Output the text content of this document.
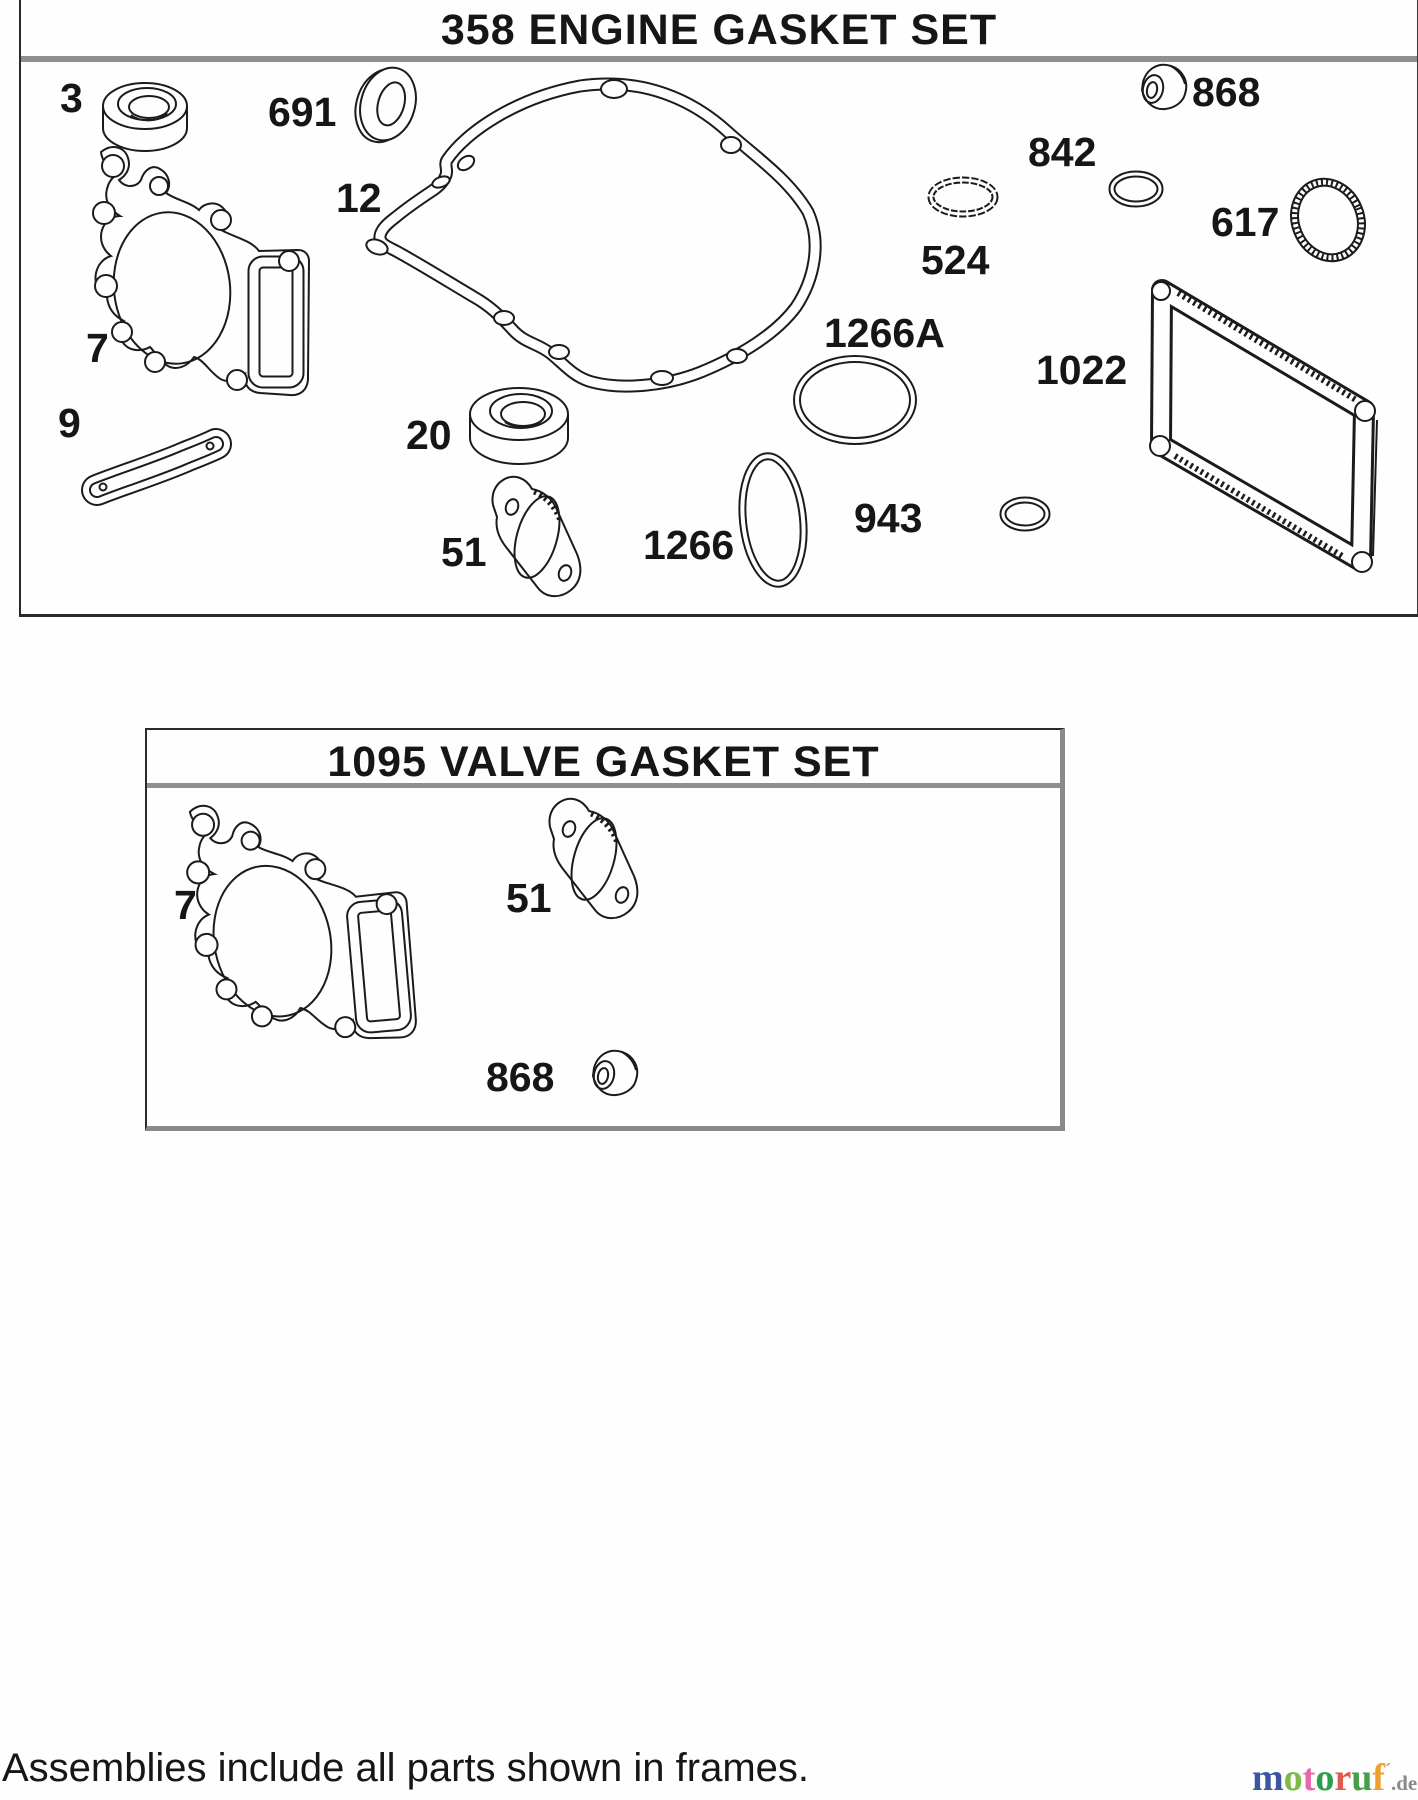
358 ENGINE GASKET SET
1095 VALVE GASKET SET
3	691
12
868
842
524
617
1266A
1022
7
20
9
51	1266
943
7	51
868
Assemblies include all parts shown in frames.	motoruf´.de
